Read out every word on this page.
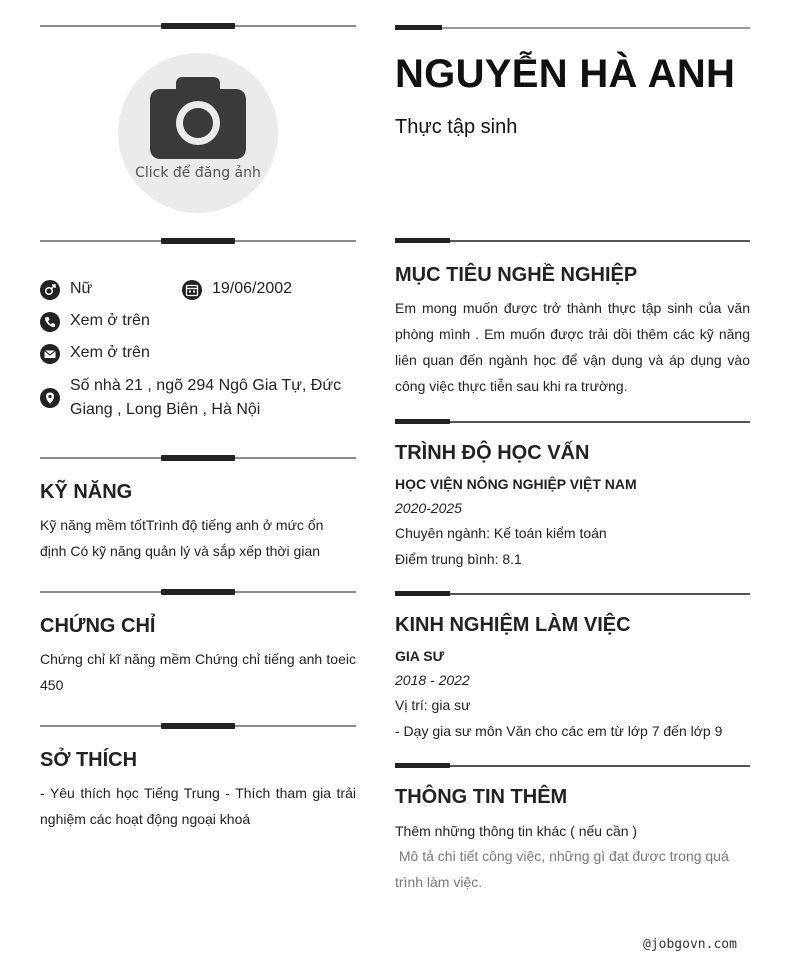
Click để đăng ảnh
Nữ	19/06/2002
Xem ở trên
Xem ở trên
Số nhà 21 , ngõ 294 Ngô Gia Tự, Đức Giang , Long Biên , Hà Nội
KỸ NĂNG
Kỹ năng mềm tốtTrình độ tiếng anh ở mức ổn định Có kỹ năng quản lý và sắp xếp thời gian
CHỨNG CHỈ
Chứng chỉ kĩ năng mềm Chứng chỉ tiếng anh toeic 450
SỞ THÍCH
- Yêu thích học Tiếng Trung - Thích tham gia trải nghiệm các hoạt động ngoại khoá
NGUYỄN HÀ ANH
Thực tập sinh
MỤC TIÊU NGHỀ NGHIỆP
Em mong muốn được trở thành thực tập sinh của văn phòng mình . Em muốn được trải dồi thêm các kỹ năng liên quan đến ngành học để vận dụng và áp dụng vào công việc thực tiễn sau khi ra trường.
TRÌNH ĐỘ HỌC VẤN
HỌC VIỆN NÔNG NGHIỆP VIỆT NAM
2020-2025
Chuyên ngành: Kế toán kiểm toán
Điểm trung bình: 8.1
KINH NGHIỆM LÀM VIỆC
GIA SƯ
2018 - 2022
Vị trí: gia sư
- Dạy gia sư môn Văn cho các em từ lớp 7 đến lớp 9
THÔNG TIN THÊM
Thêm những thông tin khác ( nếu cần )
Mô tả chi tiết công việc, những gì đạt được trong quá trình làm việc.
@jobgovn.com
